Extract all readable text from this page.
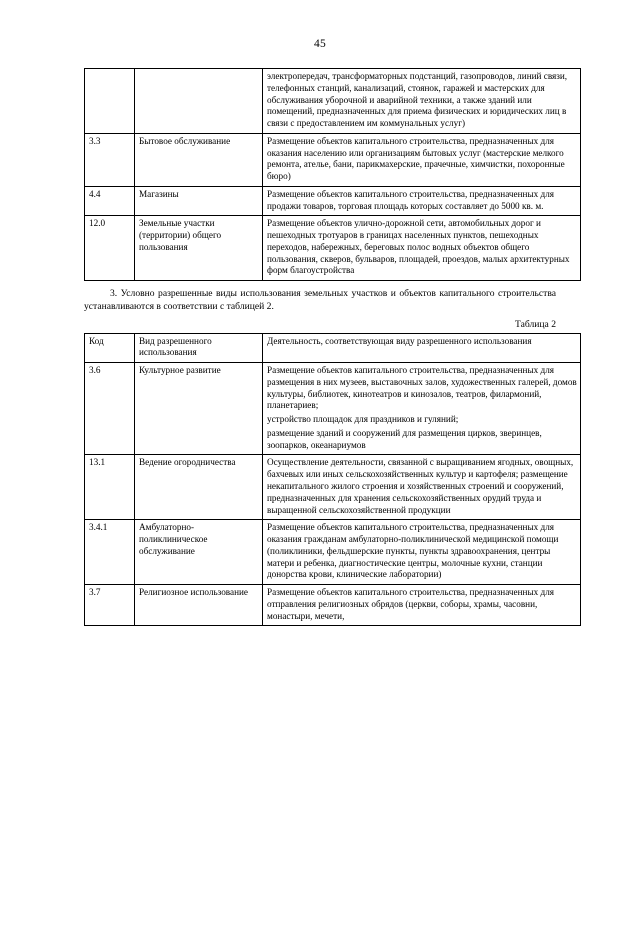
45
		электропередач, трансформаторных подстанций, газопроводов, линий связи, телефонных станций, канализаций, стоянок, гаражей и мастерских для обслуживания уборочной и аварийной техники, а также зданий или помещений, предназначенных для приема физических и юридических лиц в связи с предоставлением им коммунальных услуг)
3.3	Бытовое обслуживание	Размещение объектов капитального строительства, предназначенных для оказания населению или организациям бытовых услуг (мастерские мелкого ремонта, ателье, бани, парикмахерские, прачечные, химчистки, похоронные бюро)
4.4	Магазины	Размещение объектов капитального строительства, предназначенных для продажи товаров, торговая площадь которых составляет до 5000 кв. м.
12.0	Земельные участки (территории) общего пользования	Размещение объектов улично-дорожной сети, автомобильных дорог и пешеходных тротуаров в границах населенных пунктов, пешеходных переходов, набережных, береговых полос водных объектов общего пользования, скверов, бульваров, площадей, проездов, малых архитектурных форм благоустройства

3. Условно разрешенные виды использования земельных участков и объектов капитального строительства устанавливаются в соответствии с таблицей 2.

Таблица 2
Код	Вид разрешенного использования	Деятельность, соответствующая виду разрешенного использования
3.6	Культурное развитие	Размещение объектов капитального строительства, предназначенных для размещения в них музеев, выставочных залов, художественных галерей, домов культуры, библиотек, кинотеатров и кинозалов, театров, филармоний, планетариев;
устройство площадок для праздников и гуляний;
размещение зданий и сооружений для размещения цирков, зверинцев, зоопарков, океанариумов

13.1	Ведение огородничества	Осуществление деятельности, связанной с выращиванием ягодных, овощных, бахчевых или иных сельскохозяйственных культур и картофеля; размещение некапитального жилого строения и хозяйственных строений и сооружений, предназначенных для хранения сельскохозяйственных орудий труда и выращенной сельскохозяйственной продукции

3.4.1	Амбулаторно-поликлиническое обслуживание	Размещение объектов капитального строительства, предназначенных для оказания гражданам амбулаторно-поликлинической медицинской помощи (поликлиники, фельдшерские пункты, пункты здравоохранения, центры матери и ребенка, диагностические центры, молочные кухни, станции донорства крови, клинические лаборатории)

3.7	Религиозное использование	Размещение объектов капитального строительства, предназначенных для отправления религиозных обрядов (церкви, соборы, храмы, часовни, монастыри, мечети,
